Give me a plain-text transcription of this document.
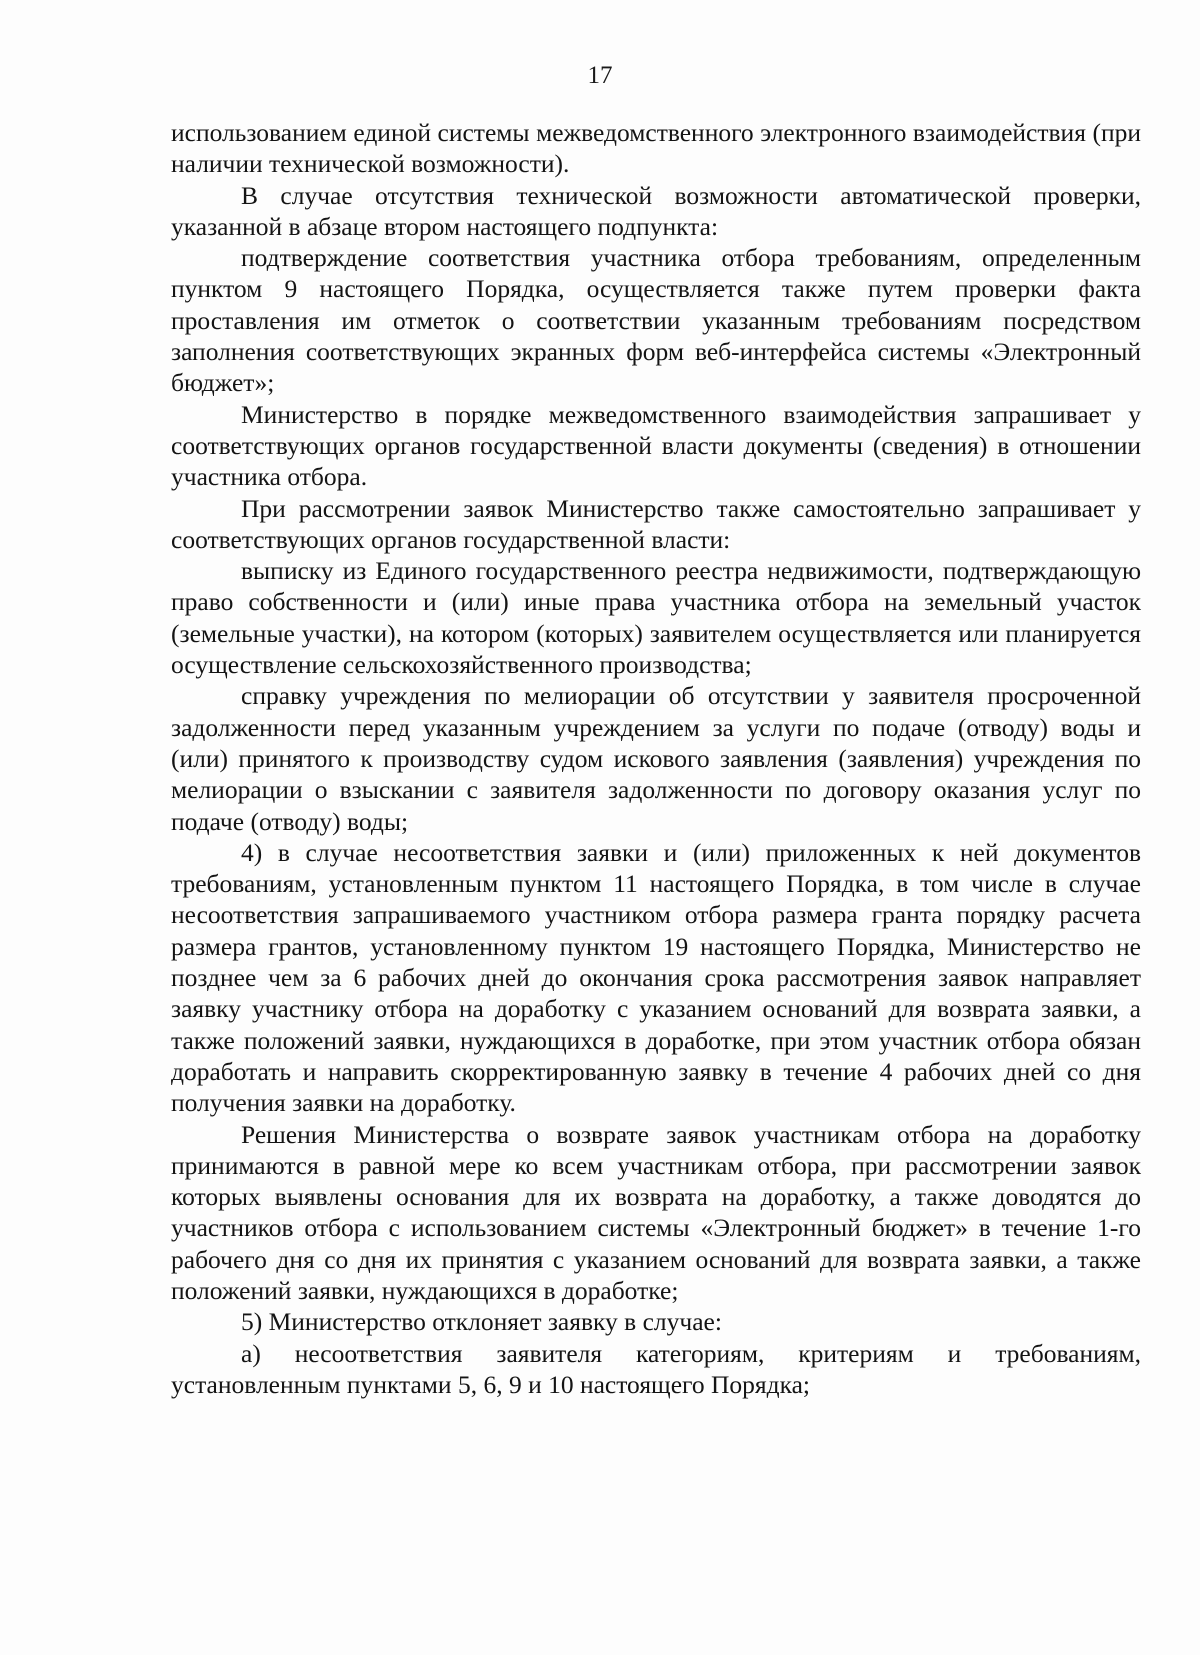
17

использованием единой системы межведомственного электронного взаимодействия (при наличии технической возможности).

В случае отсутствия технической возможности автоматической проверки, указанной в абзаце втором настоящего подпункта:

подтверждение соответствия участника отбора требованиям, определенным пунктом 9 настоящего Порядка, осуществляется также путем проверки факта проставления им отметок о соответствии указанным требованиям посредством заполнения соответствующих экранных форм веб-интерфейса системы «Электронный бюджет»;

Министерство в порядке межведомственного взаимодействия запрашивает у соответствующих органов государственной власти документы (сведения) в отношении участника отбора.

При рассмотрении заявок Министерство также самостоятельно запрашивает у соответствующих органов государственной власти:

выписку из Единого государственного реестра недвижимости, подтверждающую право собственности и (или) иные права участника отбора на земельный участок (земельные участки), на котором (которых) заявителем осуществляется или планируется осуществление сельскохозяйственного производства;

справку учреждения по мелиорации об отсутствии у заявителя просроченной задолженности перед указанным учреждением за услуги по подаче (отводу) воды и (или) принятого к производству судом искового заявления (заявления) учреждения по мелиорации о взыскании с заявителя задолженности по договору оказания услуг по подаче (отводу) воды;

4) в случае несоответствия заявки и (или) приложенных к ней документов требованиям, установленным пунктом 11 настоящего Порядка, в том числе в случае несоответствия запрашиваемого участником отбора размера гранта порядку расчета размера грантов, установленному пунктом 19 настоящего Порядка, Министерство не позднее чем за 6 рабочих дней до окончания срока рассмотрения заявок направляет заявку участнику отбора на доработку с указанием оснований для возврата заявки, а также положений заявки, нуждающихся в доработке, при этом участник отбора обязан доработать и направить скорректированную заявку в течение 4 рабочих дней со дня получения заявки на доработку.

Решения Министерства о возврате заявок участникам отбора на доработку принимаются в равной мере ко всем участникам отбора, при рассмотрении заявок которых выявлены основания для их возврата на доработку, а также доводятся до участников отбора с использованием системы «Электронный бюджет» в течение 1-го рабочего дня со дня их принятия с указанием оснований для возврата заявки, а также положений заявки, нуждающихся в доработке;

5) Министерство отклоняет заявку в случае:

а) несоответствия заявителя категориям, критериям и требованиям, установленным пунктами 5, 6, 9 и 10 настоящего Порядка;
